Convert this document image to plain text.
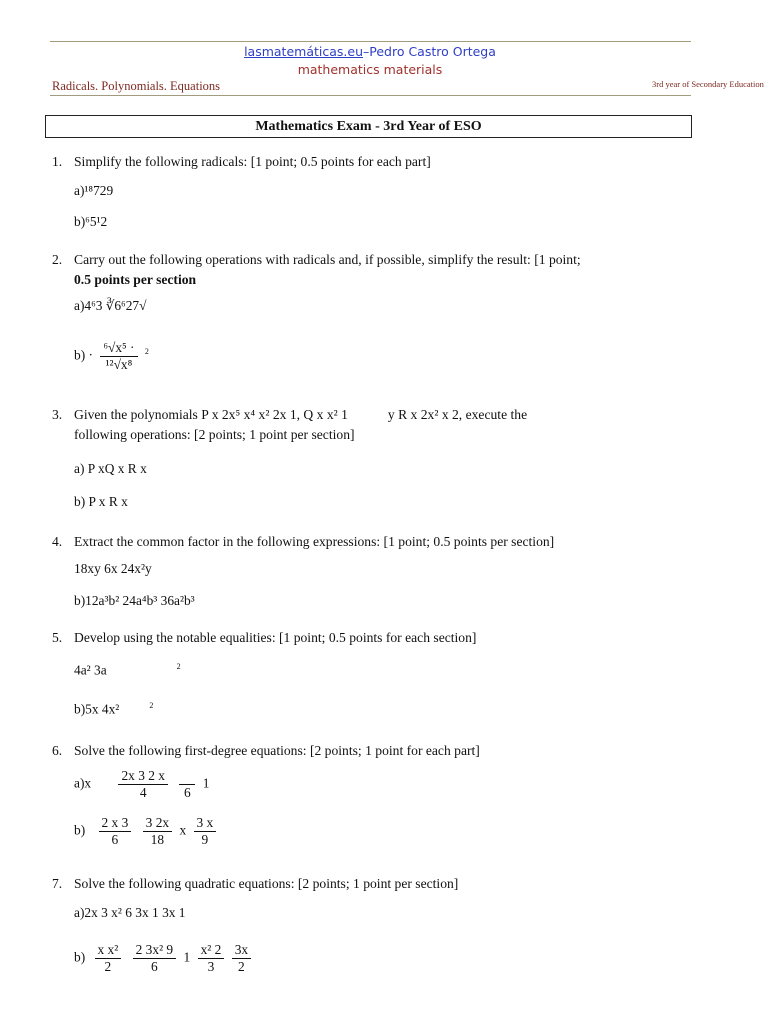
lasmatemáticas.eu–Pedro Castro Ortega
mathematics materials
Radicals. Polynomials. Equations	3rd year of Secondary Education
Mathematics Exam - 3rd Year of ESO
1. Simplify the following radicals: [1 point; 0.5 points for each part]
a)¹⁸729
b)⁶5¹2
2. Carry out the following operations with radicals and, if possible, simplify the result: [1 point;
0.5 points per section
a)4⁶3 ∛6⁶27√
$b) \cdot \frac{\text{⁶√x⁵ ·}}{\text{¹²√x⁸}} ^2$
3. Given the polynomials P x 2x⁵ x⁴ x² 2x 1, Q x x² 1	y R x 2x² x 2, execute the
following operations: [2 points; 1 point per section]
a) P xQ x R x
b) P x R x
4. Extract the common factor in the following expressions: [1 point; 0.5 points per section]
18xy 6x 24x²y
b)12a³b² 24a⁴b³ 36a²b³
5. Develop using the notable equalities: [1 point; 0.5 points for each section]
4a² 3a	$^2$
b)5x 4x²	$^2$
6. Solve the following first-degree equations: [2 points; 1 point for each part]
$a)x \frac{2x 3 2 x}{4}$

	6
1
$b) \frac{2 x 3}{6}$
$\frac{3 2x}{18}$ x $\frac{3 x}{9}$
7. Solve the following quadratic equations: [2 points; 1 point per section]
a)2x 3 x² 6 3x 1 3x 1
$b) \frac{\text{x x²}}{2}$
$\frac{\text{2 3x² 9}}{6} 1 \frac{\text{x² 2}}{3}$
$\frac{3x}{2}$
